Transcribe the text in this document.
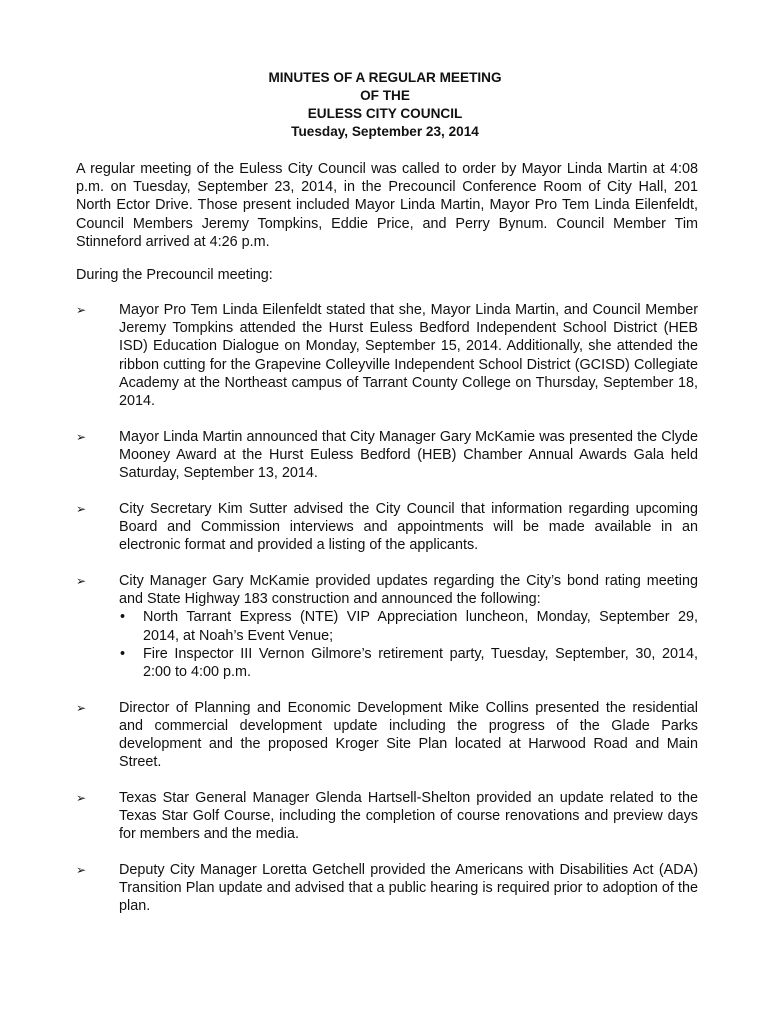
MINUTES OF A REGULAR MEETING
OF THE
EULESS CITY COUNCIL
Tuesday, September 23, 2014

A regular meeting of the Euless City Council was called to order by Mayor Linda Martin at 4:08 p.m. on Tuesday, September 23, 2014, in the Precouncil Conference Room of City Hall, 201 North Ector Drive. Those present included Mayor Linda Martin, Mayor Pro Tem Linda Eilenfeldt, Council Members Jeremy Tompkins, Eddie Price, and Perry Bynum. Council Member Tim Stinneford arrived at 4:26 p.m.

During the Precouncil meeting:

➢ Mayor Pro Tem Linda Eilenfeldt stated that she, Mayor Linda Martin, and Council Member Jeremy Tompkins attended the Hurst Euless Bedford Independent School District (HEB ISD) Education Dialogue on Monday, September 15, 2014. Additionally, she attended the ribbon cutting for the Grapevine Colleyville Independent School District (GCISD) Collegiate Academy at the Northeast campus of Tarrant County College on Thursday, September 18, 2014.
➢ Mayor Linda Martin announced that City Manager Gary McKamie was presented the Clyde Mooney Award at the Hurst Euless Bedford (HEB) Chamber Annual Awards Gala held Saturday, September 13, 2014.
➢ City Secretary Kim Sutter advised the City Council that information regarding upcoming Board and Commission interviews and appointments will be made available in an electronic format and provided a listing of the applicants.
➢ City Manager Gary McKamie provided updates regarding the City’s bond rating meeting and State Highway 183 construction and announced the following:
• North Tarrant Express (NTE) VIP Appreciation luncheon, Monday, September 29, 2014, at Noah’s Event Venue;
• Fire Inspector III Vernon Gilmore’s retirement party, Tuesday, September, 30, 2014, 2:00 to 4:00 p.m.
➢ Director of Planning and Economic Development Mike Collins presented the residential and commercial development update including the progress of the Glade Parks development and the proposed Kroger Site Plan located at Harwood Road and Main Street.
➢ Texas Star General Manager Glenda Hartsell-Shelton provided an update related to the Texas Star Golf Course, including the completion of course renovations and preview days for members and the media.
➢ Deputy City Manager Loretta Getchell provided the Americans with Disabilities Act (ADA) Transition Plan update and advised that a public hearing is required prior to adoption of the plan.
